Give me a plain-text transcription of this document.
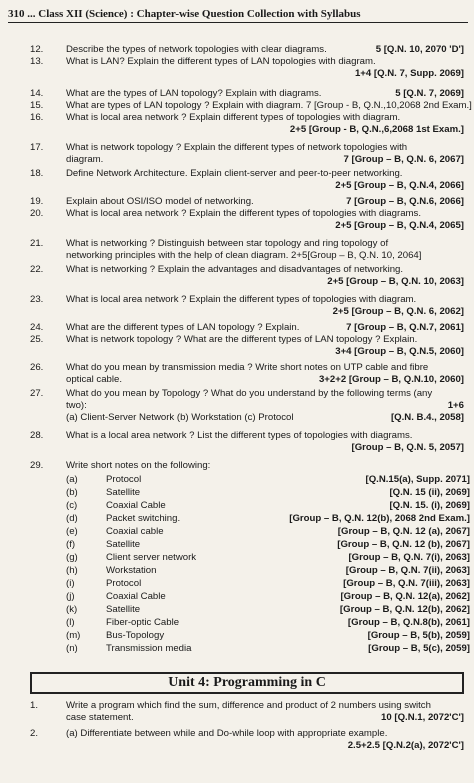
310 ... Class XII (Science) : Chapter-wise Question Collection with Syllabus
12.	Describe the types of network topologies with clear diagrams.	5 [Q.N. 10, 2070 'D']
13.	What is LAN? Explain the different types of LAN topologies with diagram.
1+4 [Q.N. 7, Supp. 2069]
14.	What are the types of LAN topology? Explain with diagrams.	5 [Q.N. 7, 2069]
15.	What are types of LAN topology ? Explain with diagram. 7 [Group - B, Q.N.,10,2068 2nd Exam.]
16.	What is local area network ? Explain different types of topologies with diagram.
2+5 [Group - B, Q.N.,6,2068 1st Exam.]
17.	What is network topology ? Explain the different types of network topologies with
diagram.	7 [Group – B, Q.N. 6, 2067]
18.	Define Network Architecture. Explain client-server and peer-to-peer networking.
2+5 [Group – B, Q.N.4, 2066]
19.	Explain about OSI/ISO model of networking.	7 [Group – B, Q.N.6, 2066]
20.	What is local area network ? Explain the different types of topologies with diagrams.
2+5 [Group – B, Q.N.4, 2065]
21.	What is networking ? Distinguish between star topology and ring topology of
networking principles with the help of clean diagram. 2+5[Group – B, Q.N. 10, 2064]
22.	What is networking ? Explain the advantages and disadvantages of networking.
2+5 [Group – B, Q.N. 10, 2063]
23.	What is local area network ? Explain the different types of topologies with diagram.
2+5 [Group – B, Q.N. 6, 2062]
24.	What are the different types of LAN topology ? Explain.	7 [Group – B, Q.N.7, 2061]
25.	What is network topology ? What are the different types of LAN topology ? Explain.
3+4 [Group – B, Q.N.5, 2060]
26.	What do you mean by transmission media ? Write short notes on UTP cable and fibre
optical cable.	3+2+2 [Group – B, Q.N.10, 2060]
27.	What do you mean by Topology ? What do you understand by the following terms (any
two):	1+6
(a) Client-Server Network (b) Workstation (c) Protocol	[Q.N. B.4., 2058]
28.	What is a local area network ? List the different types of topologies with diagrams.
[Group – B, Q.N. 5, 2057]
29.	Write short notes on the following:
(a)	Protocol	[Q.N.15(a), Supp. 2071]
(b)	Satellite	[Q.N. 15 (ii), 2069]
(c)	Coaxial Cable	[Q.N. 15. (i), 2069]
(d)	Packet switching.	[Group – B, Q.N. 12(b), 2068 2nd Exam.]
(e)	Coaxial cable	[Group – B, Q.N. 12 (a), 2067]
(f)	Satellite	[Group – B, Q.N. 12 (b), 2067]
(g)	Client server network	[Group – B, Q.N. 7(i), 2063]
(h)	Workstation	[Group – B, Q.N. 7(ii), 2063]
(i)	Protocol	[Group – B, Q.N. 7(iii), 2063]
(j)	Coaxial Cable	[Group – B, Q.N. 12(a), 2062]
(k)	Satellite	[Group – B, Q.N. 12(b), 2062]
(l)	Fiber-optic Cable	[Group – B, Q.N.8(b), 2061]
(m)	Bus-Topology	[Group – B, 5(b), 2059]
(n)	Transmission media	[Group – B, 5(c), 2059]
Unit 4: Programming in C
1.	Write a program which find the sum, difference and product of 2 numbers using switch
case statement.	10 [Q.N.1, 2072'C']
2.	(a) Differentiate between while and Do-while loop with appropriate example.
2.5+2.5 [Q.N.2(a), 2072'C']
